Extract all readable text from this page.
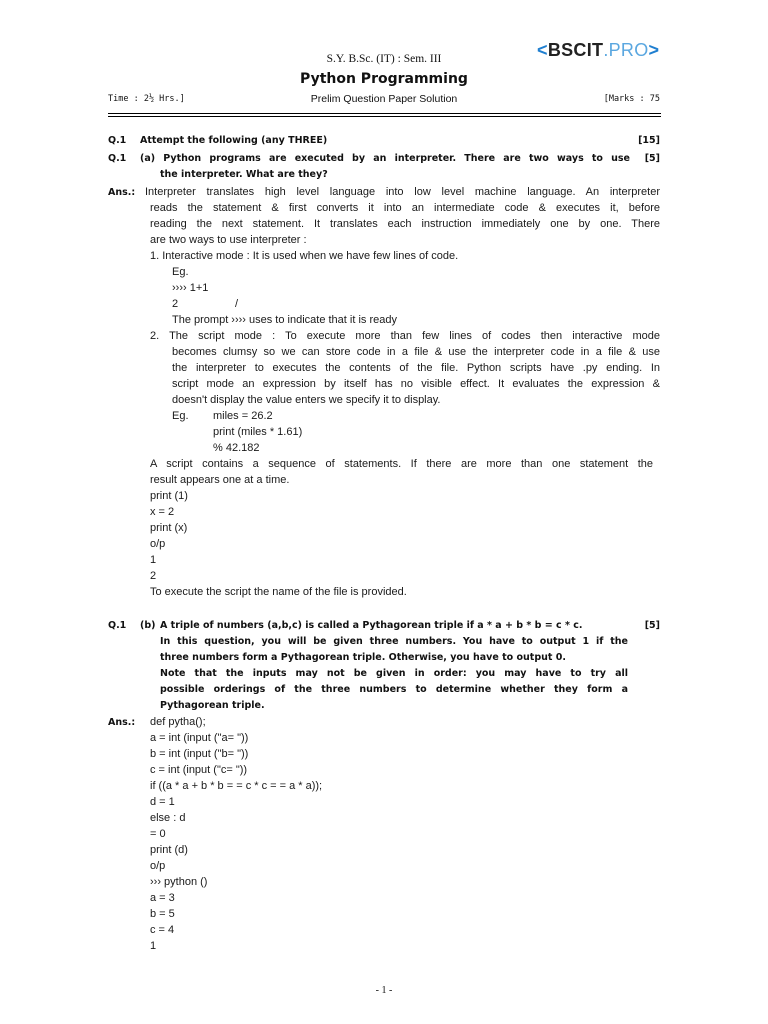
S.Y. B.Sc. (IT) : Sem. III
Python Programming
<BSCIT.PRO>
Time : 2½ Hrs.]	Prelim Question Paper Solution	[Marks : 75
Q.1 Attempt the following (any THREE)	[15]
Q.1 (a) Python programs are executed by an interpreter. There are two ways to use [5]
the interpreter. What are they?
Ans.: Interpreter translates high level language into low level machine language. An interpreter
reads the statement & first converts it into an intermediate code & executes it, before
reading the next statement. It translates each instruction immediately one by one. There
are two ways to use interpreter :
1. Interactive mode : It is used when we have few lines of code.
Eg.
›››› 1+1
2	/
The prompt ›››› uses to indicate that it is ready
2. The script mode : To execute more than few lines of codes then interactive mode
becomes clumsy so we can store code in a file & use the interpreter code in a file & use
the interpreter to executes the contents of the file. Python scripts have .py ending. In
script mode an expression by itself has no visible effect. It evaluates the expression &
doesn't display the value enters we specify it to display.
Eg. miles = 26.2
print (miles * 1.61)
% 42.182
A script contains a sequence of statements. If there are more than one statement the
result appears one at a time.
print (1)
x = 2
print (x)
o/p
1
2
To execute the script the name of the file is provided.
Q.1 (b)	[5]
A triple of numbers (a,b,c) is called a Pythagorean triple if a * a + b * b = c * c.
In this question, you will be given three numbers. You have to output 1 if the
three numbers form a Pythagorean triple. Otherwise, you have to output 0.
Note that the inputs may not be given in order: you may have to try all
possible orderings of the three numbers to determine whether they form a
Pythagorean triple.
Ans.: def pytha();
a = int (input ("a= "))
b = int (input ("b= "))
c = int (input ("c= "))
if ((a * a + b * b = = c * c = = a * a));
d = 1
else : d
= 0
print (d)
o/p
››› python ()
a = 3
b = 5
c = 4
1
- 1 -
